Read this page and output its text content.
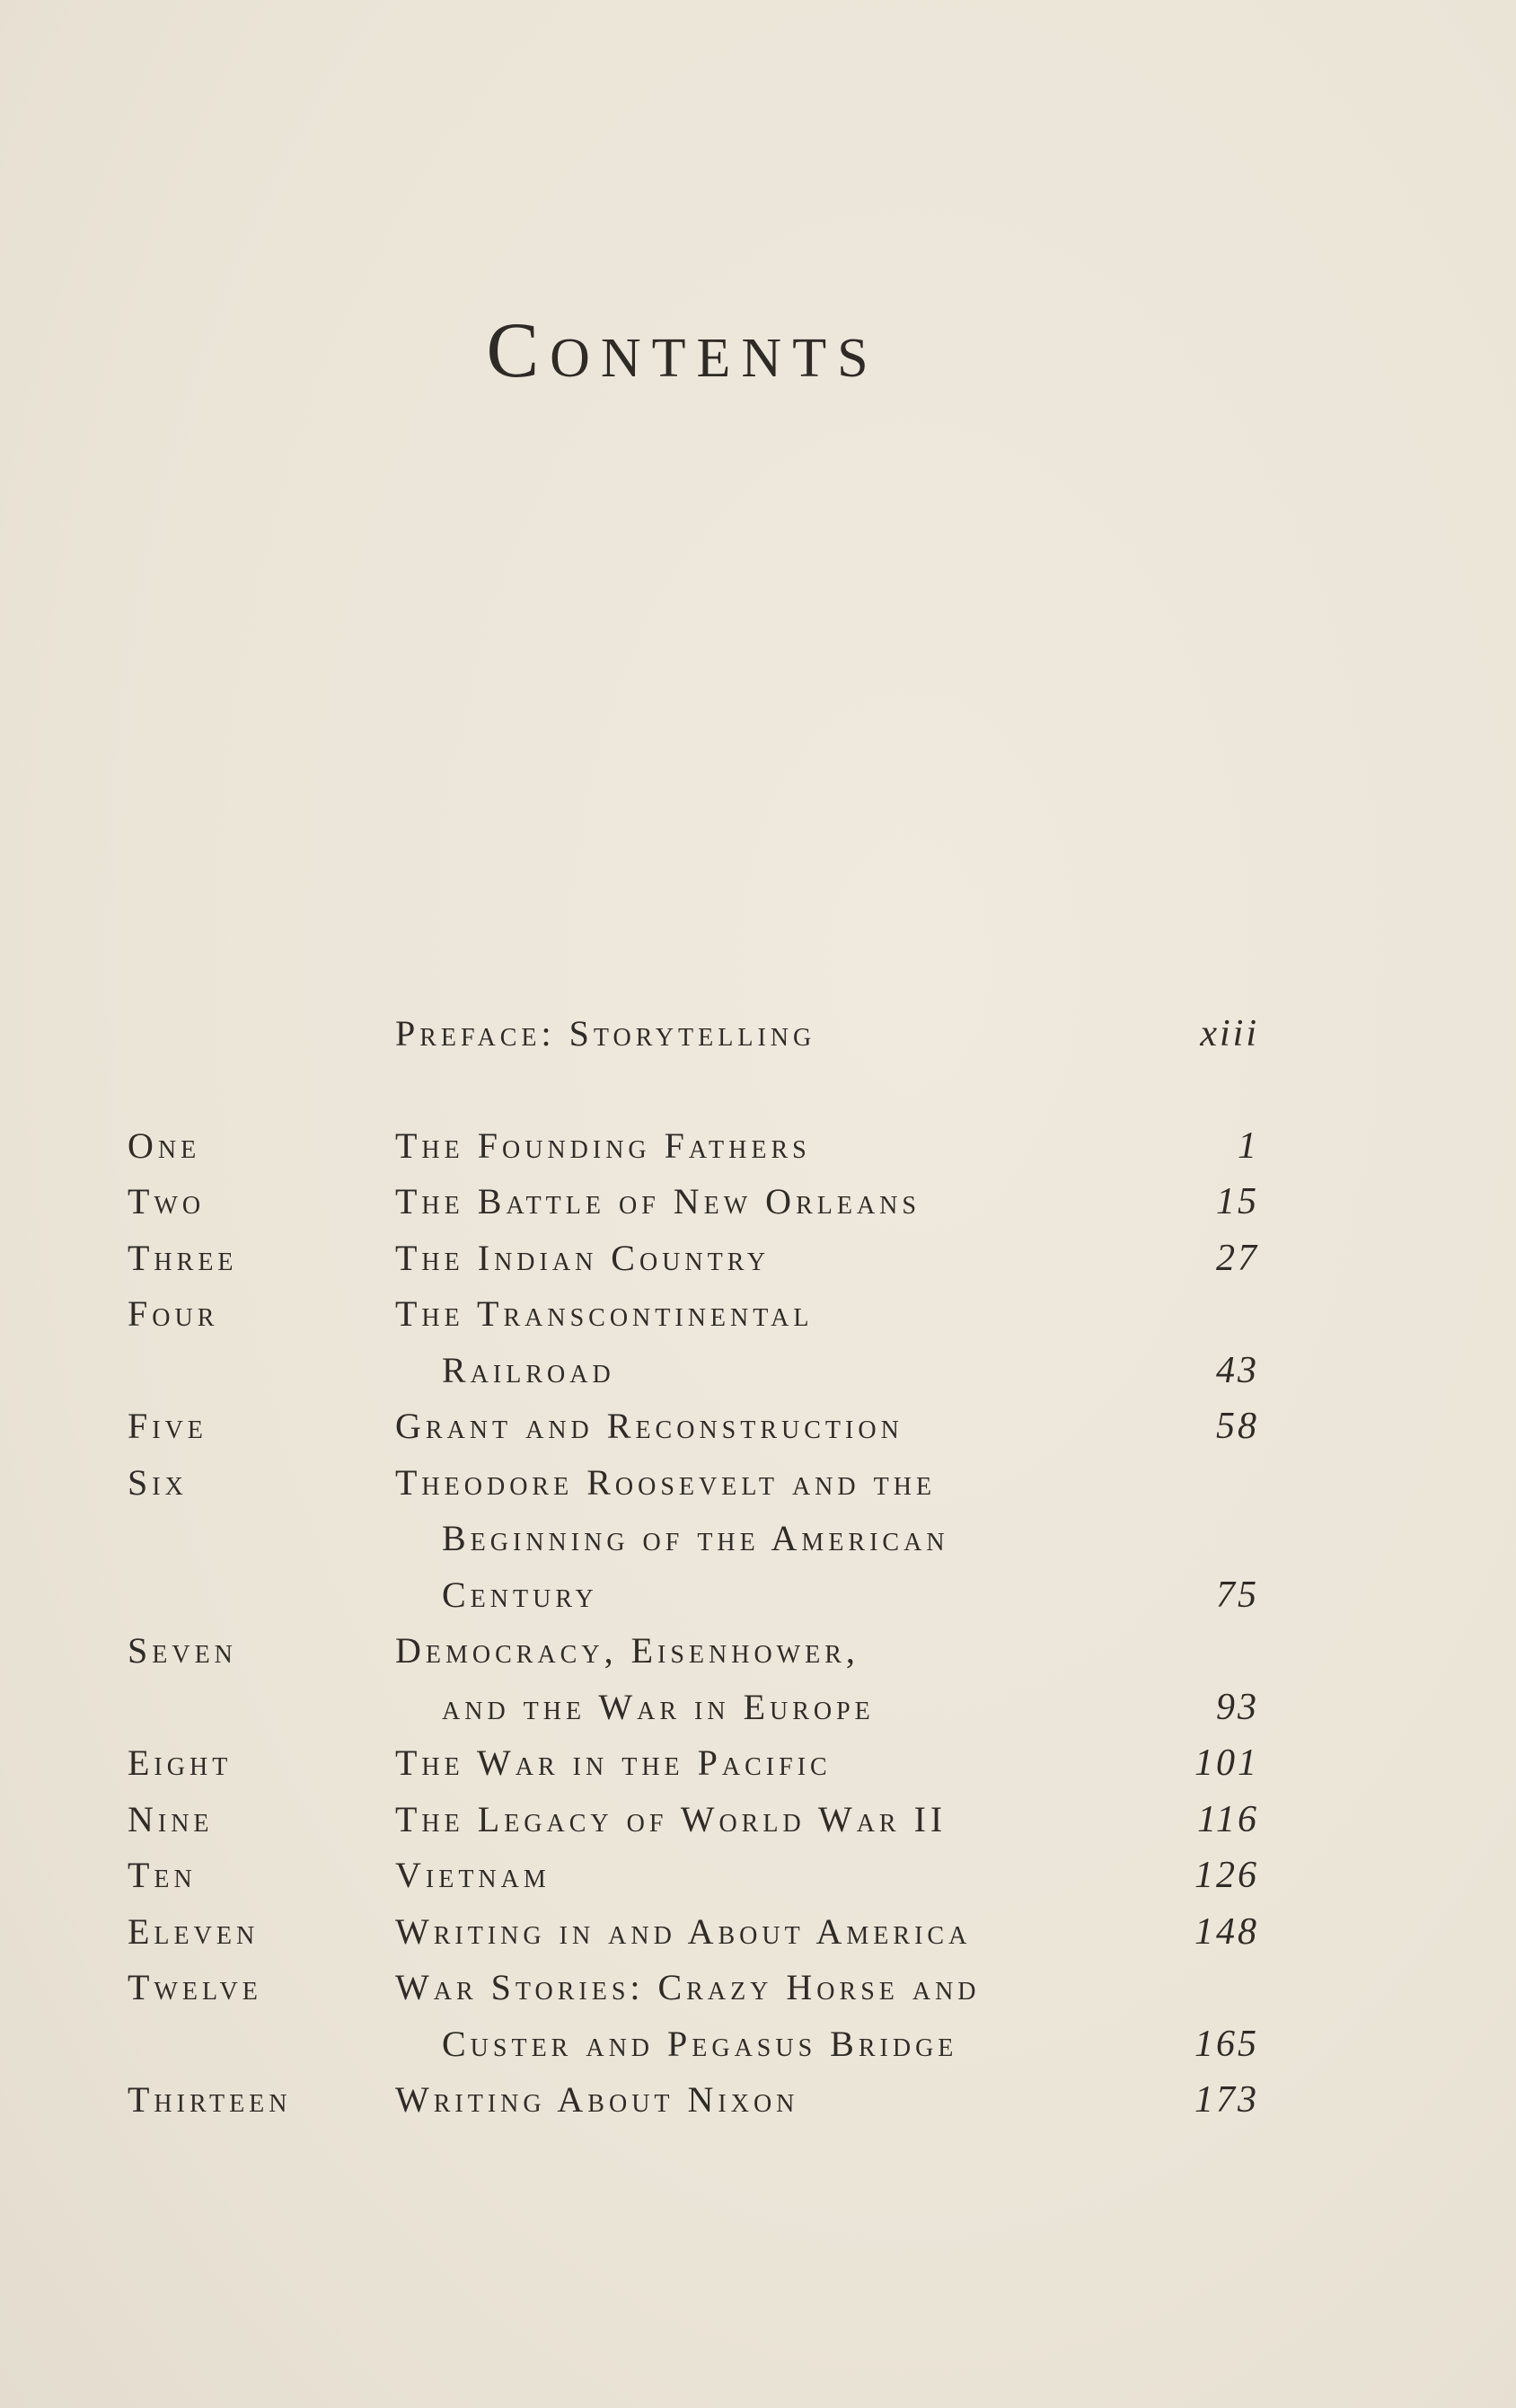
Contents
Preface: Storytelling	xiii
One	The Founding Fathers	1
Two	The Battle of New Orleans	15
Three	The Indian Country	27
Four	The Transcontinental
Railroad	43
Five	Grant and Reconstruction	58
Six	Theodore Roosevelt and the
Beginning of the American
Century	75
Seven	Democracy, Eisenhower,
and the War in Europe	93
Eight	The War in the Pacific	101
Nine	The Legacy of World War II	116
Ten	Vietnam	126
Eleven	Writing in and About America	148
Twelve	War Stories: Crazy Horse and
Custer and Pegasus Bridge	165
Thirteen	Writing About Nixon	173
